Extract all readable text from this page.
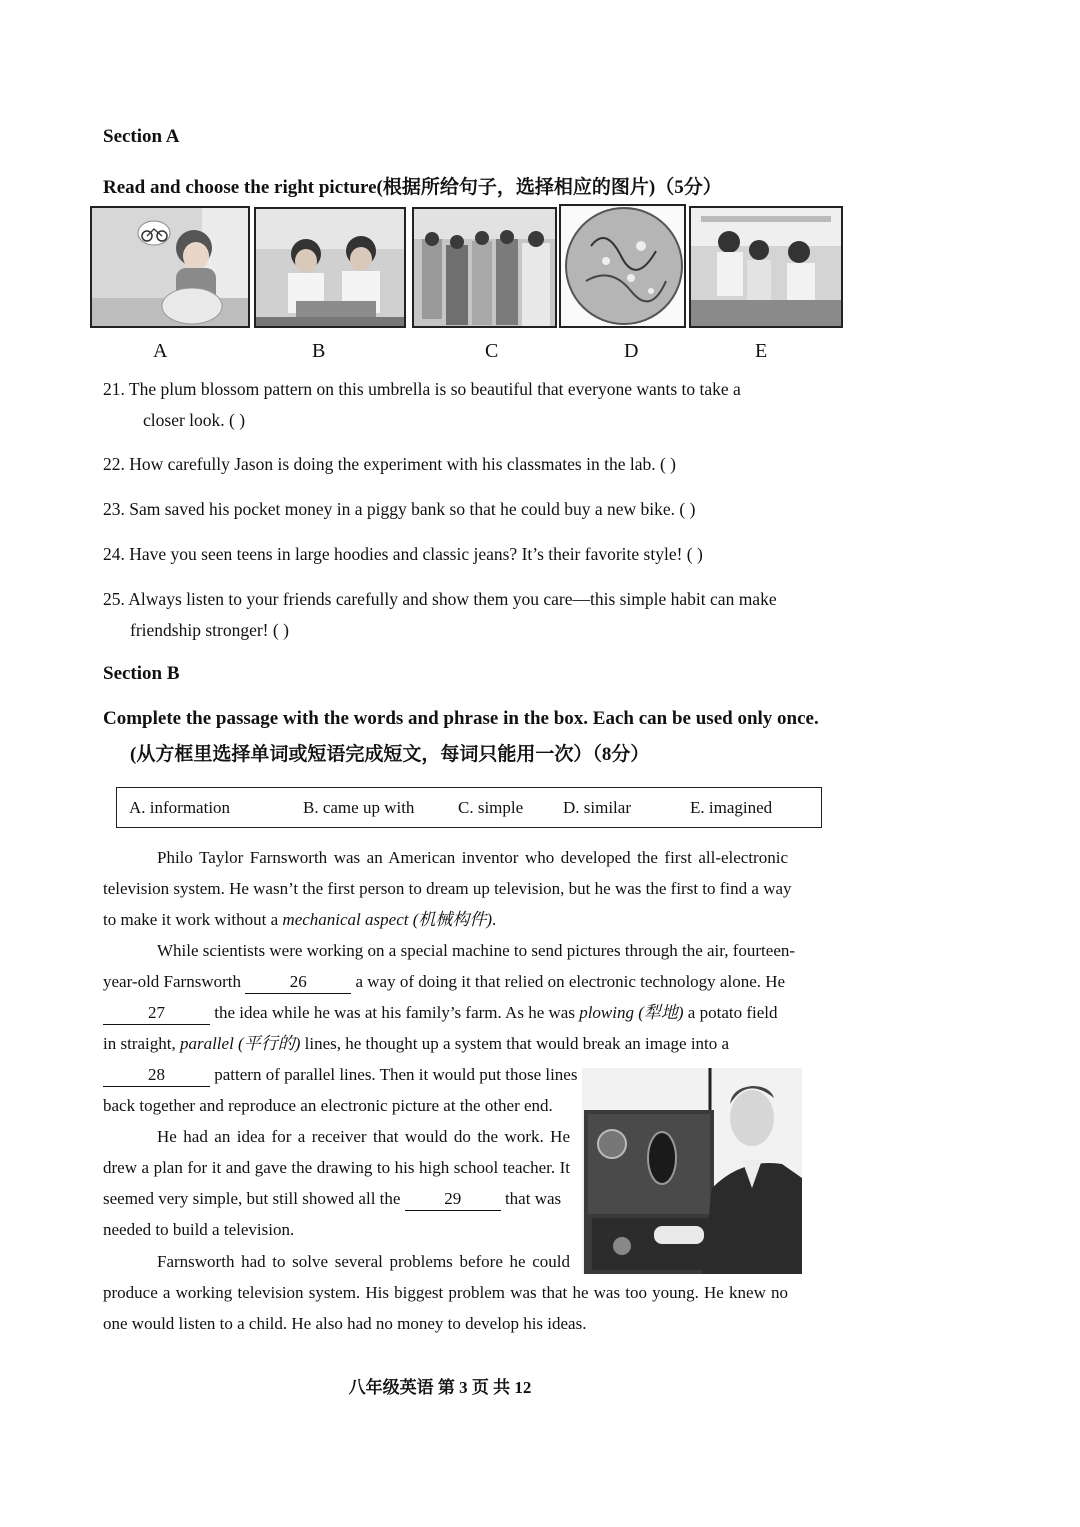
Section A
Read and choose the right picture(根据所给句子，选择相应的图片)（5分）
A	B	C	D	E
21. The plum blossom pattern on this umbrella is so beautiful that everyone wants to take a
closer look. ( )
22. How carefully Jason is doing the experiment with his classmates in the lab. ( )
23. Sam saved his pocket money in a piggy bank so that he could buy a new bike. ( )
24. Have you seen teens in large hoodies and classic jeans? It’s their favorite style! ( )
25. Always listen to your friends carefully and show them you care—this simple habit can make
friendship stronger! ( )
Section B
Complete the passage with the words and phrase in the box. Each can be used only once.
(从方框里选择单词或短语完成短文，每词只能用一次）（8分）
A. information	B. came up with	C. simple D. similar	E. imagined
Philo Taylor Farnsworth was an American inventor who developed the first all-electronic
television system. He wasn’t the first person to dream up television, but he was the first to find a way
to make it work without a mechanical aspect (机械构件).
While scientists were working on a special machine to send pictures through the air, fourteen-
year-old Farnsworth	26	a way of doing it that relied on electronic technology alone. He
27	the idea while he was at his family’s farm. As he was plowing (犁地) a potato field
in straight, parallel (平行的) lines, he thought up a system that would break an image into a
28	pattern of parallel lines. Then it would put those lines
back together and reproduce an electronic picture at the other end.
He had an idea for a receiver that would do the work. He
drew a plan for it and gave the drawing to his high school teacher. It
seemed very simple, but still showed all the 29 that was
needed to build a television.
Farnsworth had to solve several problems before he could
produce a working television system. His biggest problem was that he was too young. He knew no
one would listen to a child. He also had no money to develop his ideas.
八年级英语 第 3 页 共 12
